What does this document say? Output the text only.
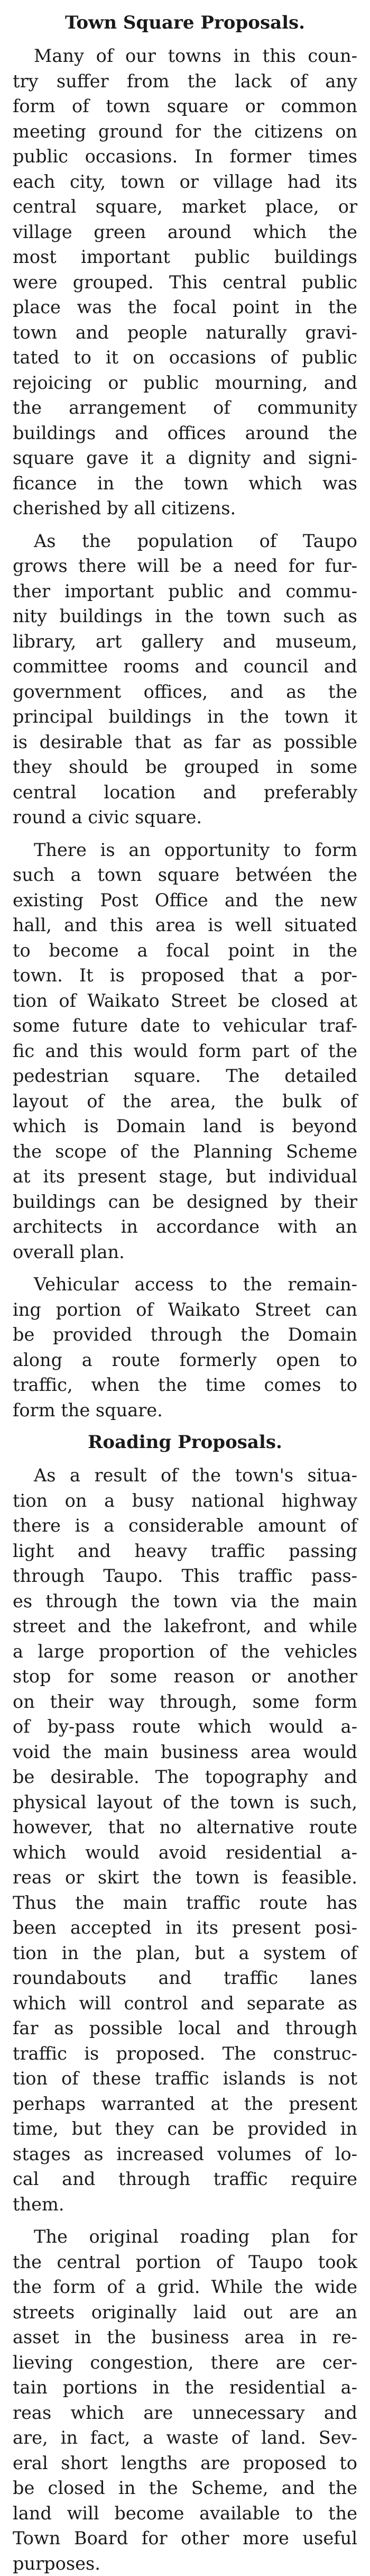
Town Square Proposals.
Many of our towns in this coun-
try suffer from the lack of any
form of town square or common
meeting ground for the citizens on
public occasions. In former times
each city, town or village had its
central square, market place, or
village green around which the
most important public buildings
were grouped. This central public
place was the focal point in the
town and people naturally gravi-
tated to it on occasions of public
rejoicing or public mourning, and
the arrangement of community
buildings and offices around the
square gave it a dignity and signi-
ficance in the town which was
cherished by all citizens.
As the population of Taupo
grows there will be a need for fur-
ther important public and commu-
nity buildings in the town such as
library, art gallery and museum,
committee rooms and council and
government offices, and as the
principal buildings in the town it
is desirable that as far as possible
they should be grouped in some
central location and preferably
round a civic square.
There is an opportunity to form
such a town square betwéen the
existing Post Office and the new
hall, and this area is well situated
to become a focal point in the
town. It is proposed that a por-
tion of Waikato Street be closed at
some future date to vehicular traf-
fic and this would form part of the
pedestrian square. The detailed
layout of the area, the bulk of
which is Domain land is beyond
the scope of the Planning Scheme
at its present stage, but individual
buildings can be designed by their
architects in accordance with an
overall plan.
Vehicular access to the remain-
ing portion of Waikato Street can
be provided through the Domain
along a route formerly open to
traffic, when the time comes to
form the square.
Roading Proposals.
As a result of the town's situa-
tion on a busy national highway
there is a considerable amount of
light and heavy traffic passing
through Taupo. This traffic pass-
es through the town via the main
street and the lakefront, and while
a large proportion of the vehicles
stop for some reason or another
on their way through, some form
of by-pass route which would a-
void the main business area would
be desirable. The topography and
physical layout of the town is such,
however, that no alternative route
which would avoid residential a-
reas or skirt the town is feasible.
Thus the main traffic route has
been accepted in its present posi-
tion in the plan, but a system of
roundabouts and traffic lanes
which will control and separate as
far as possible local and through
traffic is proposed. The construc-
tion of these traffic islands is not
perhaps warranted at the present
time, but they can be provided in
stages as increased volumes of lo-
cal and through traffic require
them.
The original roading plan for
the central portion of Taupo took
the form of a grid. While the wide
streets originally laid out are an
asset in the business area in re-
lieving congestion, there are cer-
tain portions in the residential a-
reas which are unnecessary and
are, in fact, a waste of land. Sev-
eral short lengths are proposed to
be closed in the Scheme, and the
land will become available to the
Town Board for other more useful
purposes.
